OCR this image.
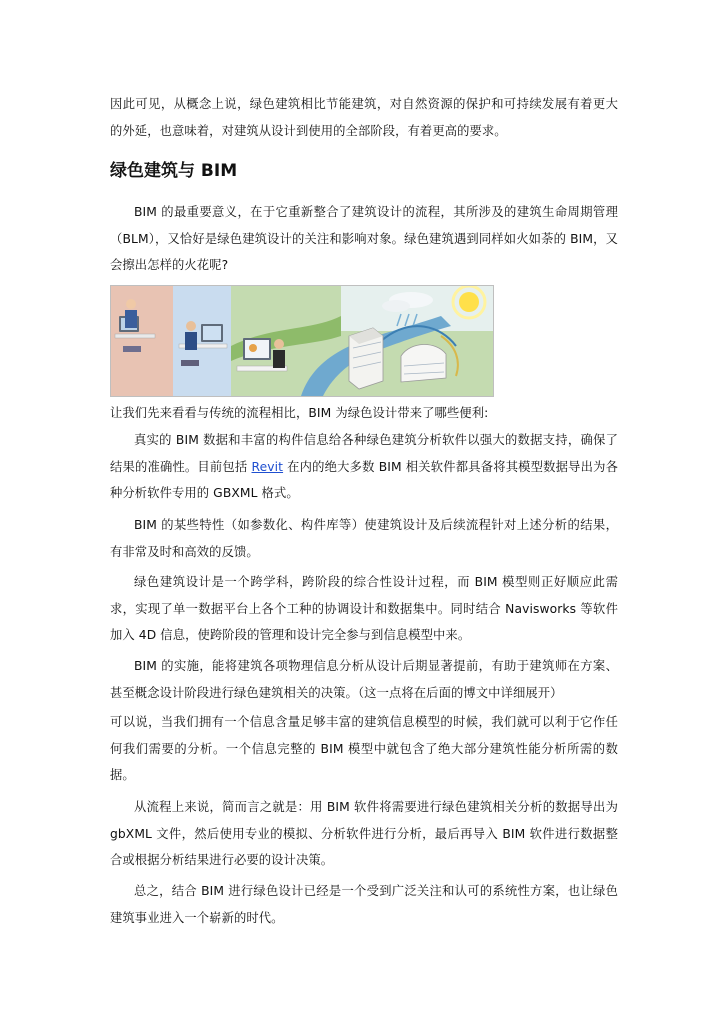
因此可见，从概念上说，绿色建筑相比节能建筑，对自然资源的保护和可持续发展有着更大的外延，也意味着，对建筑从设计到使用的全部阶段，有着更高的要求。

绿色建筑与 BIM

BIM 的最重要意义，在于它重新整合了建筑设计的流程，其所涉及的建筑生命周期管理（BLM），又恰好是绿色建筑设计的关注和影响对象。绿色建筑遇到同样如火如荼的 BIM，又会擦出怎样的火花呢?

让我们先来看看与传统的流程相比，BIM 为绿色设计带来了哪些便利:

真实的 BIM 数据和丰富的构件信息给各种绿色建筑分析软件以强大的数据支持，确保了结果的准确性。目前包括 Revit 在内的绝大多数 BIM 相关软件都具备将其模型数据导出为各种分析软件专用的 GBXML 格式。

BIM 的某些特性（如参数化、构件库等）使建筑设计及后续流程针对上述分析的结果，有非常及时和高效的反馈。

绿色建筑设计是一个跨学科，跨阶段的综合性设计过程，而 BIM 模型则正好顺应此需求，实现了单一数据平台上各个工种的协调设计和数据集中。同时结合 Navisworks 等软件加入 4D 信息，使跨阶段的管理和设计完全参与到信息模型中来。

BIM 的实施，能将建筑各项物理信息分析从设计后期显著提前，有助于建筑师在方案、甚至概念设计阶段进行绿色建筑相关的决策。（这一点将在后面的博文中详细展开）

可以说，当我们拥有一个信息含量足够丰富的建筑信息模型的时候，我们就可以利于它作任何我们需要的分析。一个信息完整的 BIM 模型中就包含了绝大部分建筑性能分析所需的数据。

从流程上来说，简而言之就是：用 BIM 软件将需要进行绿色建筑相关分析的数据导出为 gbXML 文件，然后使用专业的模拟、分析软件进行分析，最后再导入 BIM 软件进行数据整合或根据分析结果进行必要的设计决策。

总之，结合 BIM 进行绿色设计已经是一个受到广泛关注和认可的系统性方案，也让绿色建筑事业进入一个崭新的时代。
